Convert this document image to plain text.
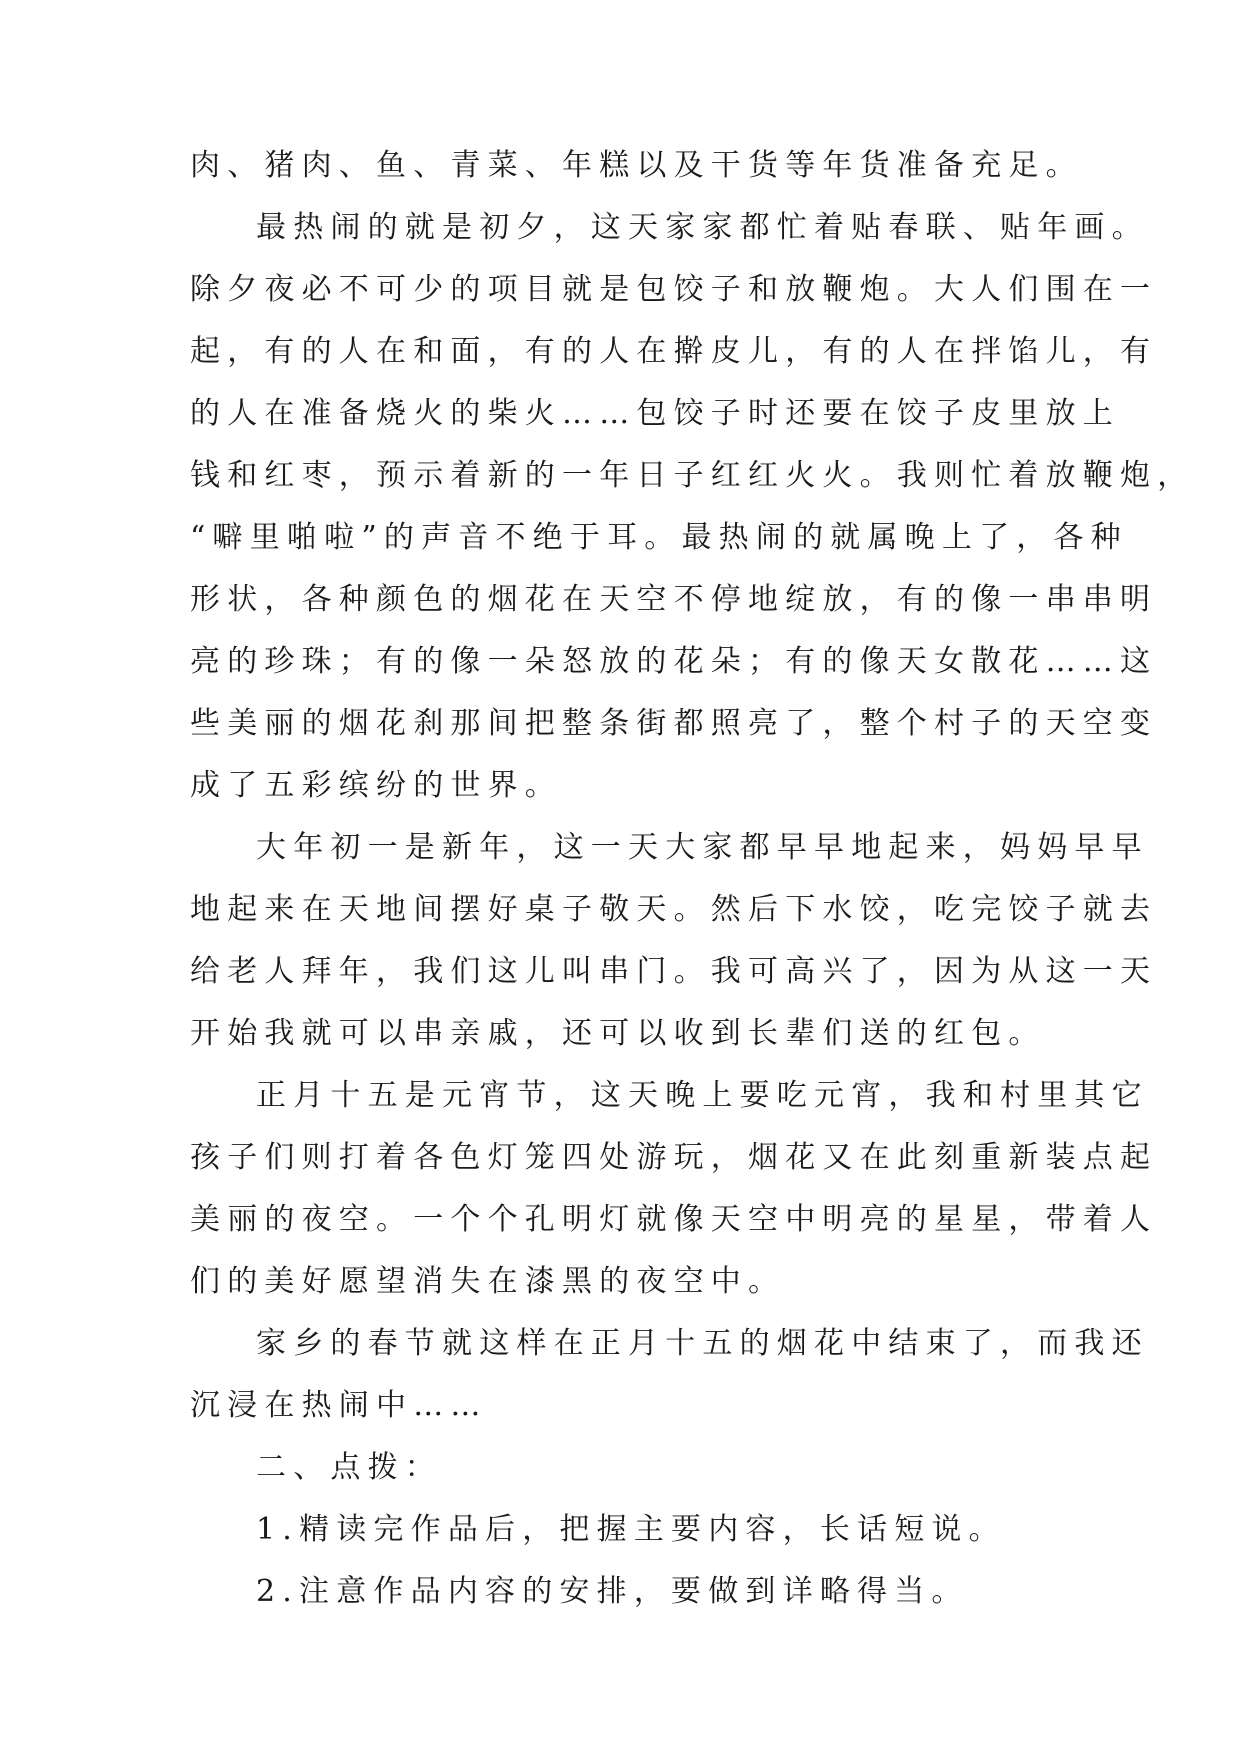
肉、猪肉、鱼、青菜、年糕以及干货等年货准备充足。
最热闹的就是初夕，这天家家都忙着贴春联、贴年画。
除夕夜必不可少的项目就是包饺子和放鞭炮。大人们围在一
起，有的人在和面，有的人在擀皮儿，有的人在拌馅儿，有
的人在准备烧火的柴火……包饺子时还要在饺子皮里放上
钱和红枣，预示着新的一年日子红红火火。我则忙着放鞭炮，
“噼里啪啦”的声音不绝于耳。最热闹的就属晚上了，各种
形状，各种颜色的烟花在天空不停地绽放，有的像一串串明
亮的珍珠；有的像一朵怒放的花朵；有的像天女散花……这
些美丽的烟花刹那间把整条街都照亮了，整个村子的天空变
成了五彩缤纷的世界。
大年初一是新年，这一天大家都早早地起来，妈妈早早
地起来在天地间摆好桌子敬天。然后下水饺，吃完饺子就去
给老人拜年，我们这儿叫串门。我可高兴了，因为从这一天
开始我就可以串亲戚，还可以收到长辈们送的红包。
正月十五是元宵节，这天晚上要吃元宵，我和村里其它
孩子们则打着各色灯笼四处游玩，烟花又在此刻重新装点起
美丽的夜空。一个个孔明灯就像天空中明亮的星星，带着人
们的美好愿望消失在漆黑的夜空中。
家乡的春节就这样在正月十五的烟花中结束了，而我还
沉浸在热闹中……
二、点拨：
1.精读完作品后，把握主要内容，长话短说。
2.注意作品内容的安排，要做到详略得当。
